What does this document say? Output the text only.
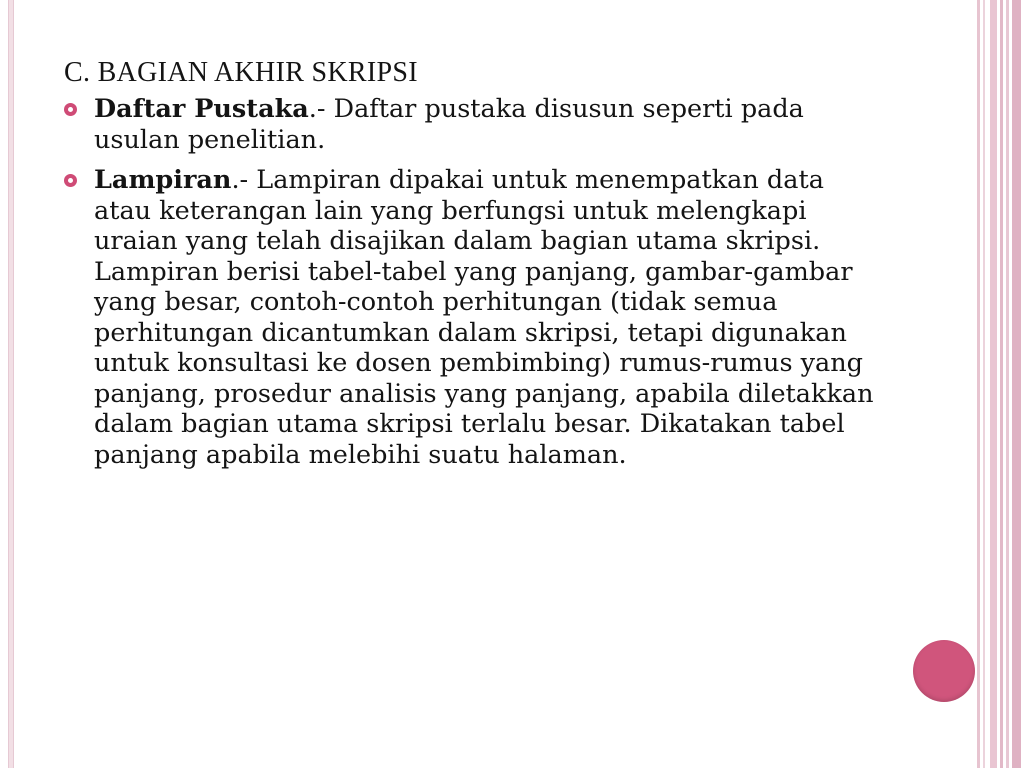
C. BAGIAN AKHIR SKRIPSI
Daftar Pustaka.- Daftar pustaka disusun seperti pada usulan penelitian.
Lampiran.- Lampiran dipakai untuk menempatkan data atau keterangan lain yang berfungsi untuk melengkapi uraian yang telah disajikan dalam bagian utama skripsi. Lampiran berisi tabel-tabel yang panjang, gambar-gambar yang besar, contoh-contoh perhitungan (tidak semua perhitungan dicantumkan dalam skripsi, tetapi digunakan untuk konsultasi ke dosen pembimbing) rumus-rumus yang panjang, prosedur analisis yang panjang, apabila diletakkan dalam bagian utama skripsi terlalu besar. Dikatakan tabel panjang apabila melebihi suatu halaman.
